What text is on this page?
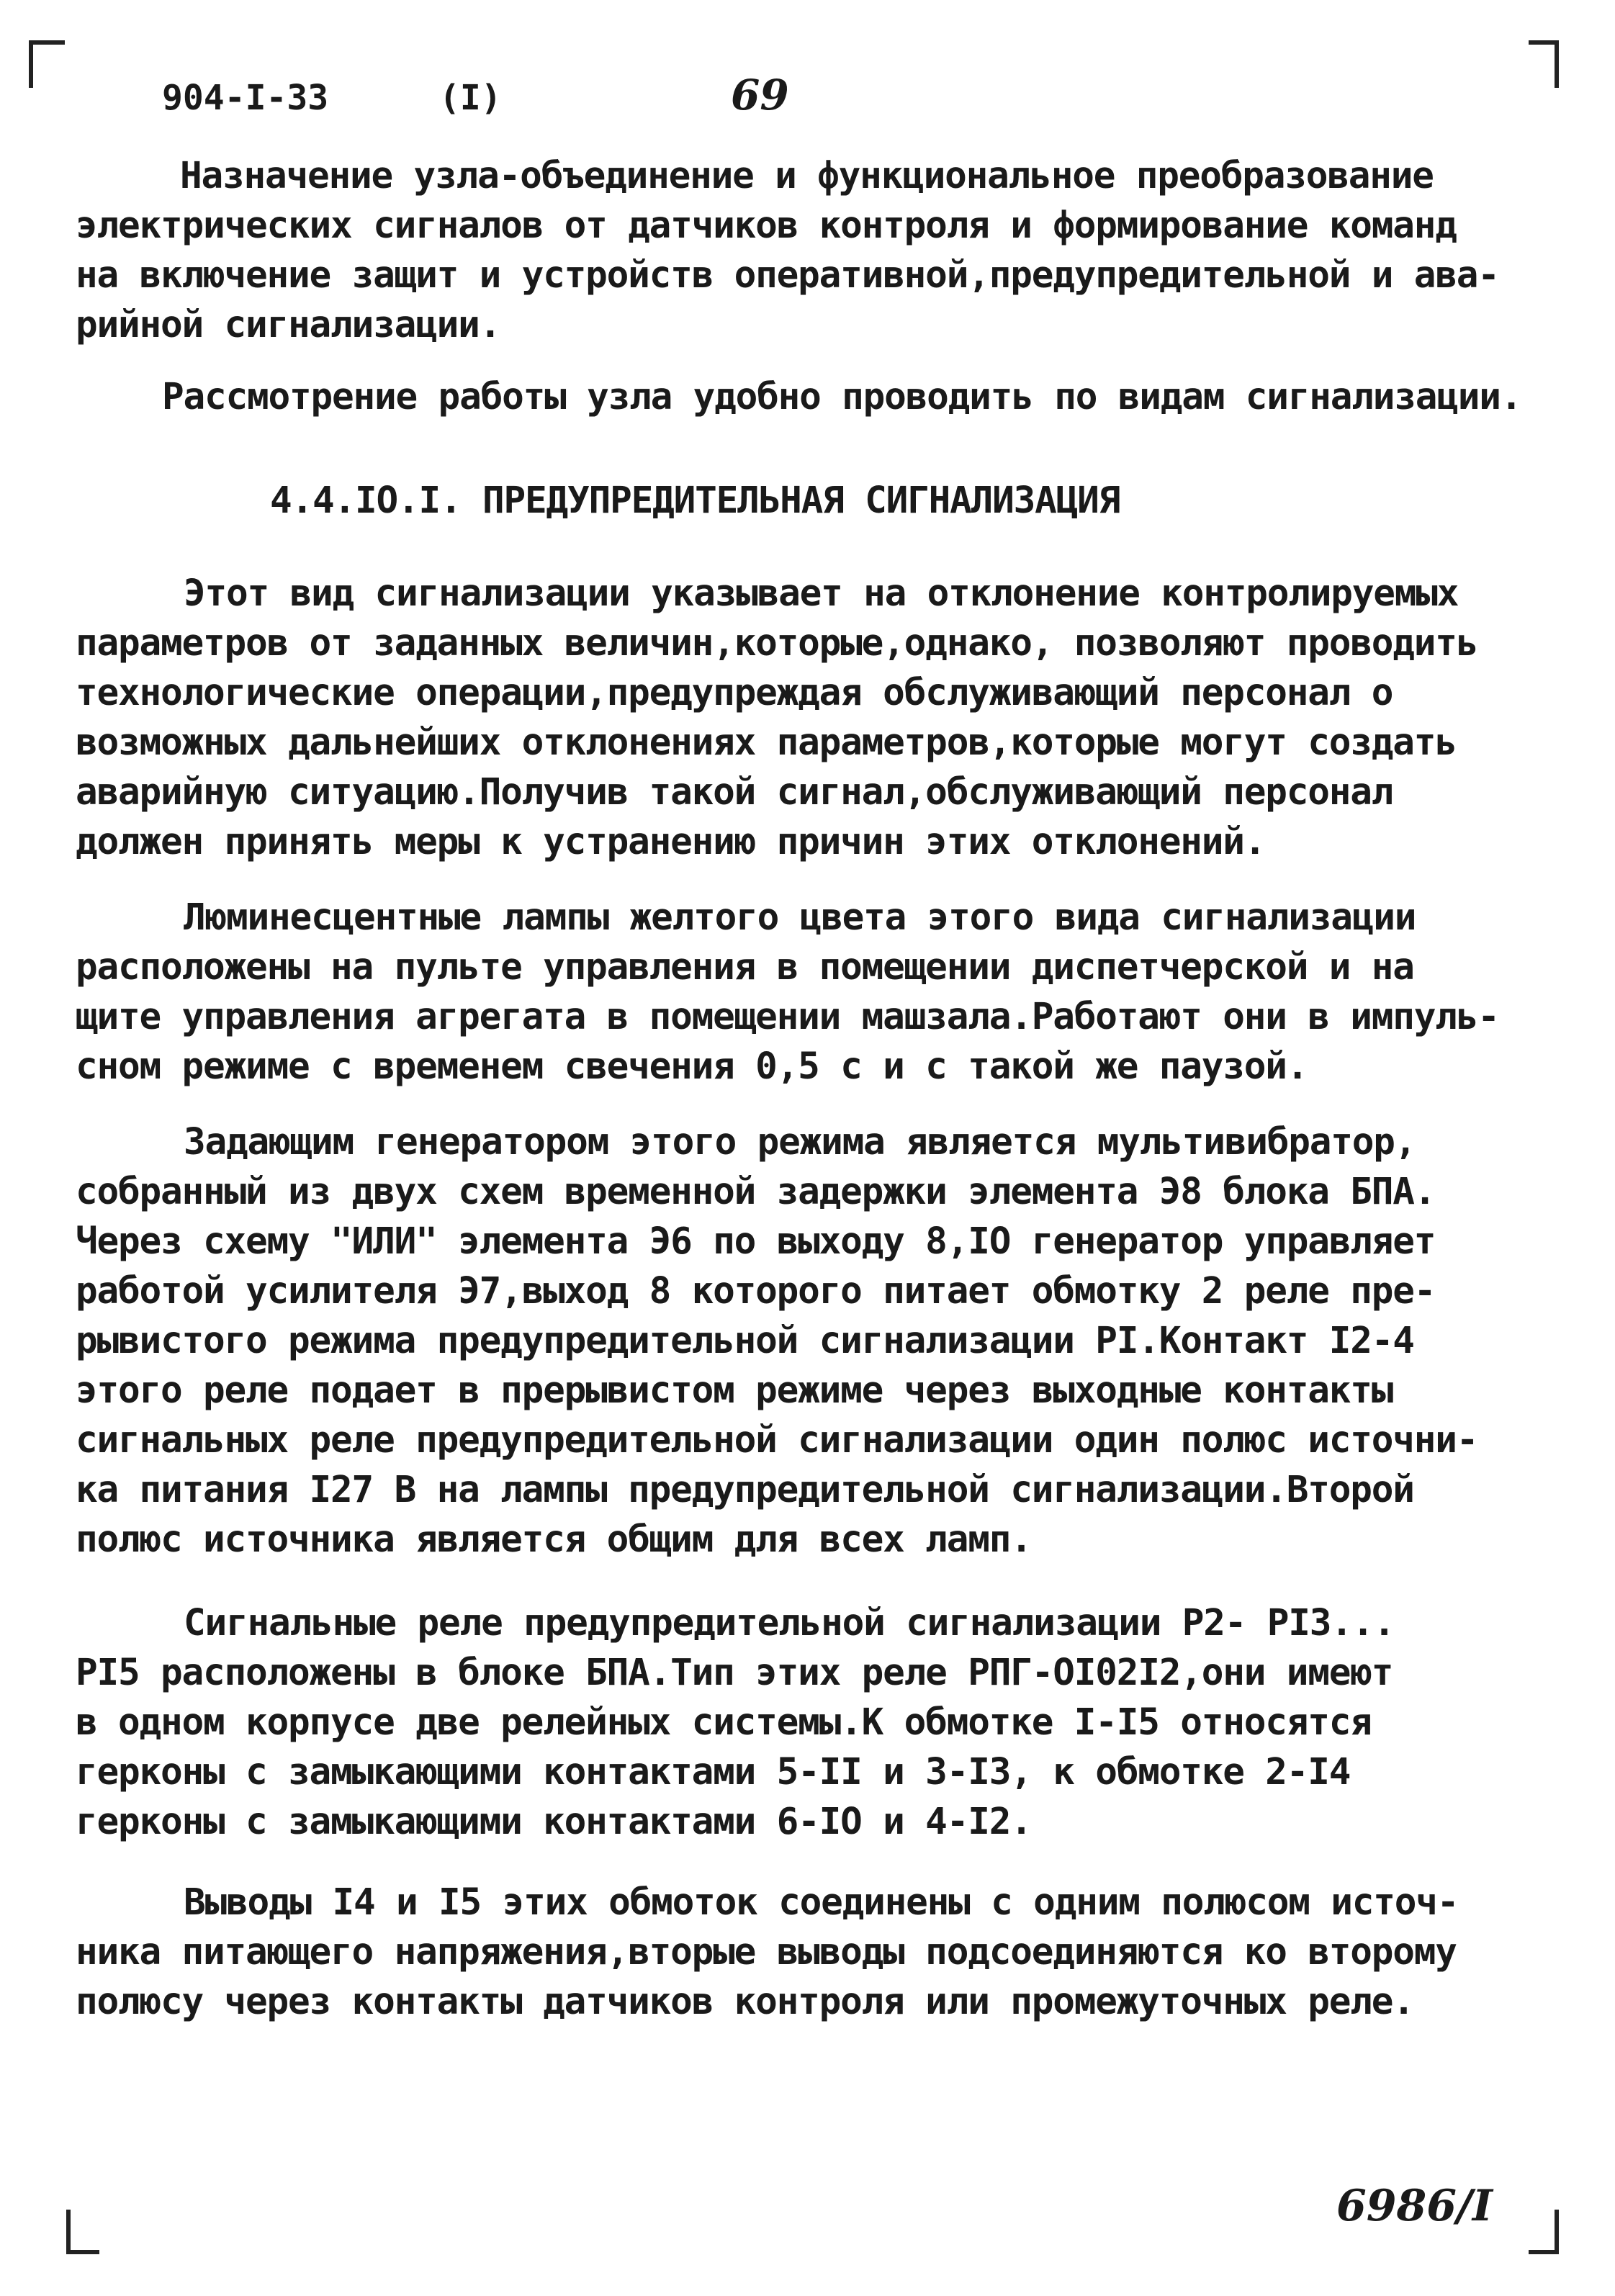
904-I-33	(I)	69
Назначение узла-объединение и функциональное преобразование
электрических сигналов от датчиков контроля и формирование команд
на включение защит и устройств оперативной,предупредительной и ава-
рийной сигнализации.
Рассмотрение работы узла удобно проводить по видам сигнализации.
4.4.IO.I. ПРЕДУПРЕДИТЕЛЬНАЯ СИГНАЛИЗАЦИЯ
Этот вид сигнализации указывает на отклонение контролируемых
параметров от заданных величин,которые,однако, позволяют проводить
технологические операции,предупреждая обслуживающий персонал о
возможных дальнейших отклонениях параметров,которые могут создать
аварийную ситуацию.Получив такой сигнал,обслуживающий персонал
должен принять меры к устранению причин этих отклонений.
Люминесцентные лампы желтого цвета этого вида сигнализации
расположены на пульте управления в помещении диспетчерской и на
щите управления агрегата в помещении машзала.Работают они в импуль-
сном режиме с временем свечения 0,5 с и с такой же паузой.
Задающим генератором этого режима является мультивибратор,
собранный из двух схем временной задержки элемента Э8 блока БПА.
Через схему "ИЛИ" элемента Э6 по выходу 8,IO генератор управляет
работой усилителя Э7,выход 8 которого питает обмотку 2 реле пре-
рывистого режима предупредительной сигнализации PI.Контакт I2-4
этого реле подает в прерывистом режиме через выходные контакты
сигнальных реле предупредительной сигнализации один полюс источни-
ка питания I27 В на лампы предупредительной сигнализации.Второй
полюс источника является общим для всех ламп.
Сигнальные реле предупредительной сигнализации Р2- PI3...
PI5 расположены в блоке БПА.Тип этих реле РПГ-OI02I2,они имеют
в одном корпусе две релейных системы.К обмотке I-I5 относятся
герконы с замыкающими контактами 5-II и 3-I3, к обмотке 2-I4
герконы с замыкающими контактами 6-IO и 4-I2.
Выводы I4 и I5 этих обмоток соединены с одним полюсом источ-
ника питающего напряжения,вторые выводы подсоединяются ко второму
полюсу через контакты датчиков контроля или промежуточных реле.
6986/I
